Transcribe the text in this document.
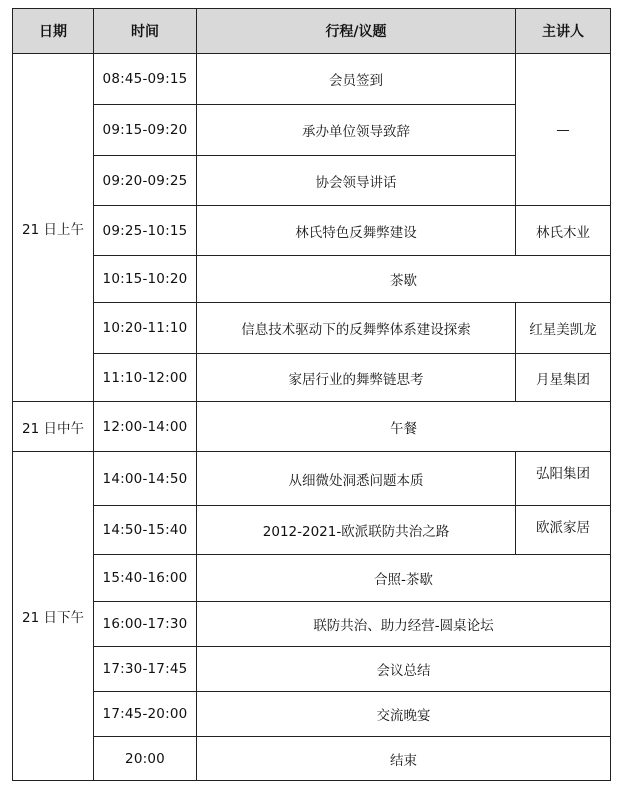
日期	时间	行程/议题	主讲人
21 日上午	08:45-09:15	会员签到	—
	09:15-09:20	承办单位领导致辞	
	09:20-09:25	协会领导讲话	
	09:25-10:15	林氏特色反舞弊建设	林氏木业
	10:15-10:20	茶歇	
	10:20-11:10	信息技术驱动下的反舞弊体系建设探索	红星美凯龙
	11:10-12:00	家居行业的舞弊链思考	月星集团
21 日中午	12:00-14:00	午餐	
21 日下午	14:00-14:50	从细微处洞悉问题本质	弘阳集团
	14:50-15:40	2012-2021-欧派联防共治之路	欧派家居
	15:40-16:00	合照-茶歇	
	16:00-17:30	联防共治、助力经营-圆桌论坛	
	17:30-17:45	会议总结	
	17:45-20:00	交流晚宴	
	20:00	结束	
